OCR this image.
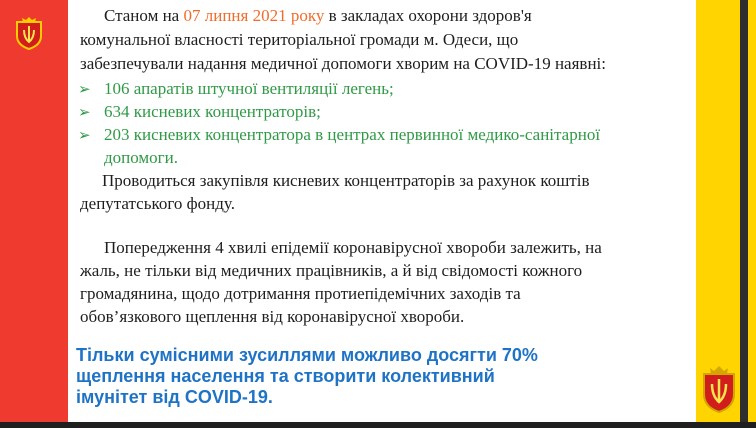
Станом на 07 липня 2021 року в закладах охорони здоров'я
комунальної власності територіальної громади м. Одеси, що
забезпечували надання медичної допомоги хворим на COVID-19 наявні:
➢ 106 апаратів штучної вентиляції легень;
➢ 634 кисневих концентраторів;
➢ 203 кисневих концентратора в центрах первинної медико-санітарної
допомоги.
Проводиться закупівля кисневих концентраторів за рахунок коштів
депутатського фонду.
Попередження 4 хвилі епідемії коронавірусної хвороби залежить, на
жаль, не тільки від медичних працівників, а й від свідомості кожного
громадянина, щодо дотримання протиепідемічних заходів та
обов’язкового щеплення від коронавірусної хвороби.
Тільки сумісними зусиллями можливо досягти 70%
щеплення населення та створити колективний
імунітет від COVID-19.
